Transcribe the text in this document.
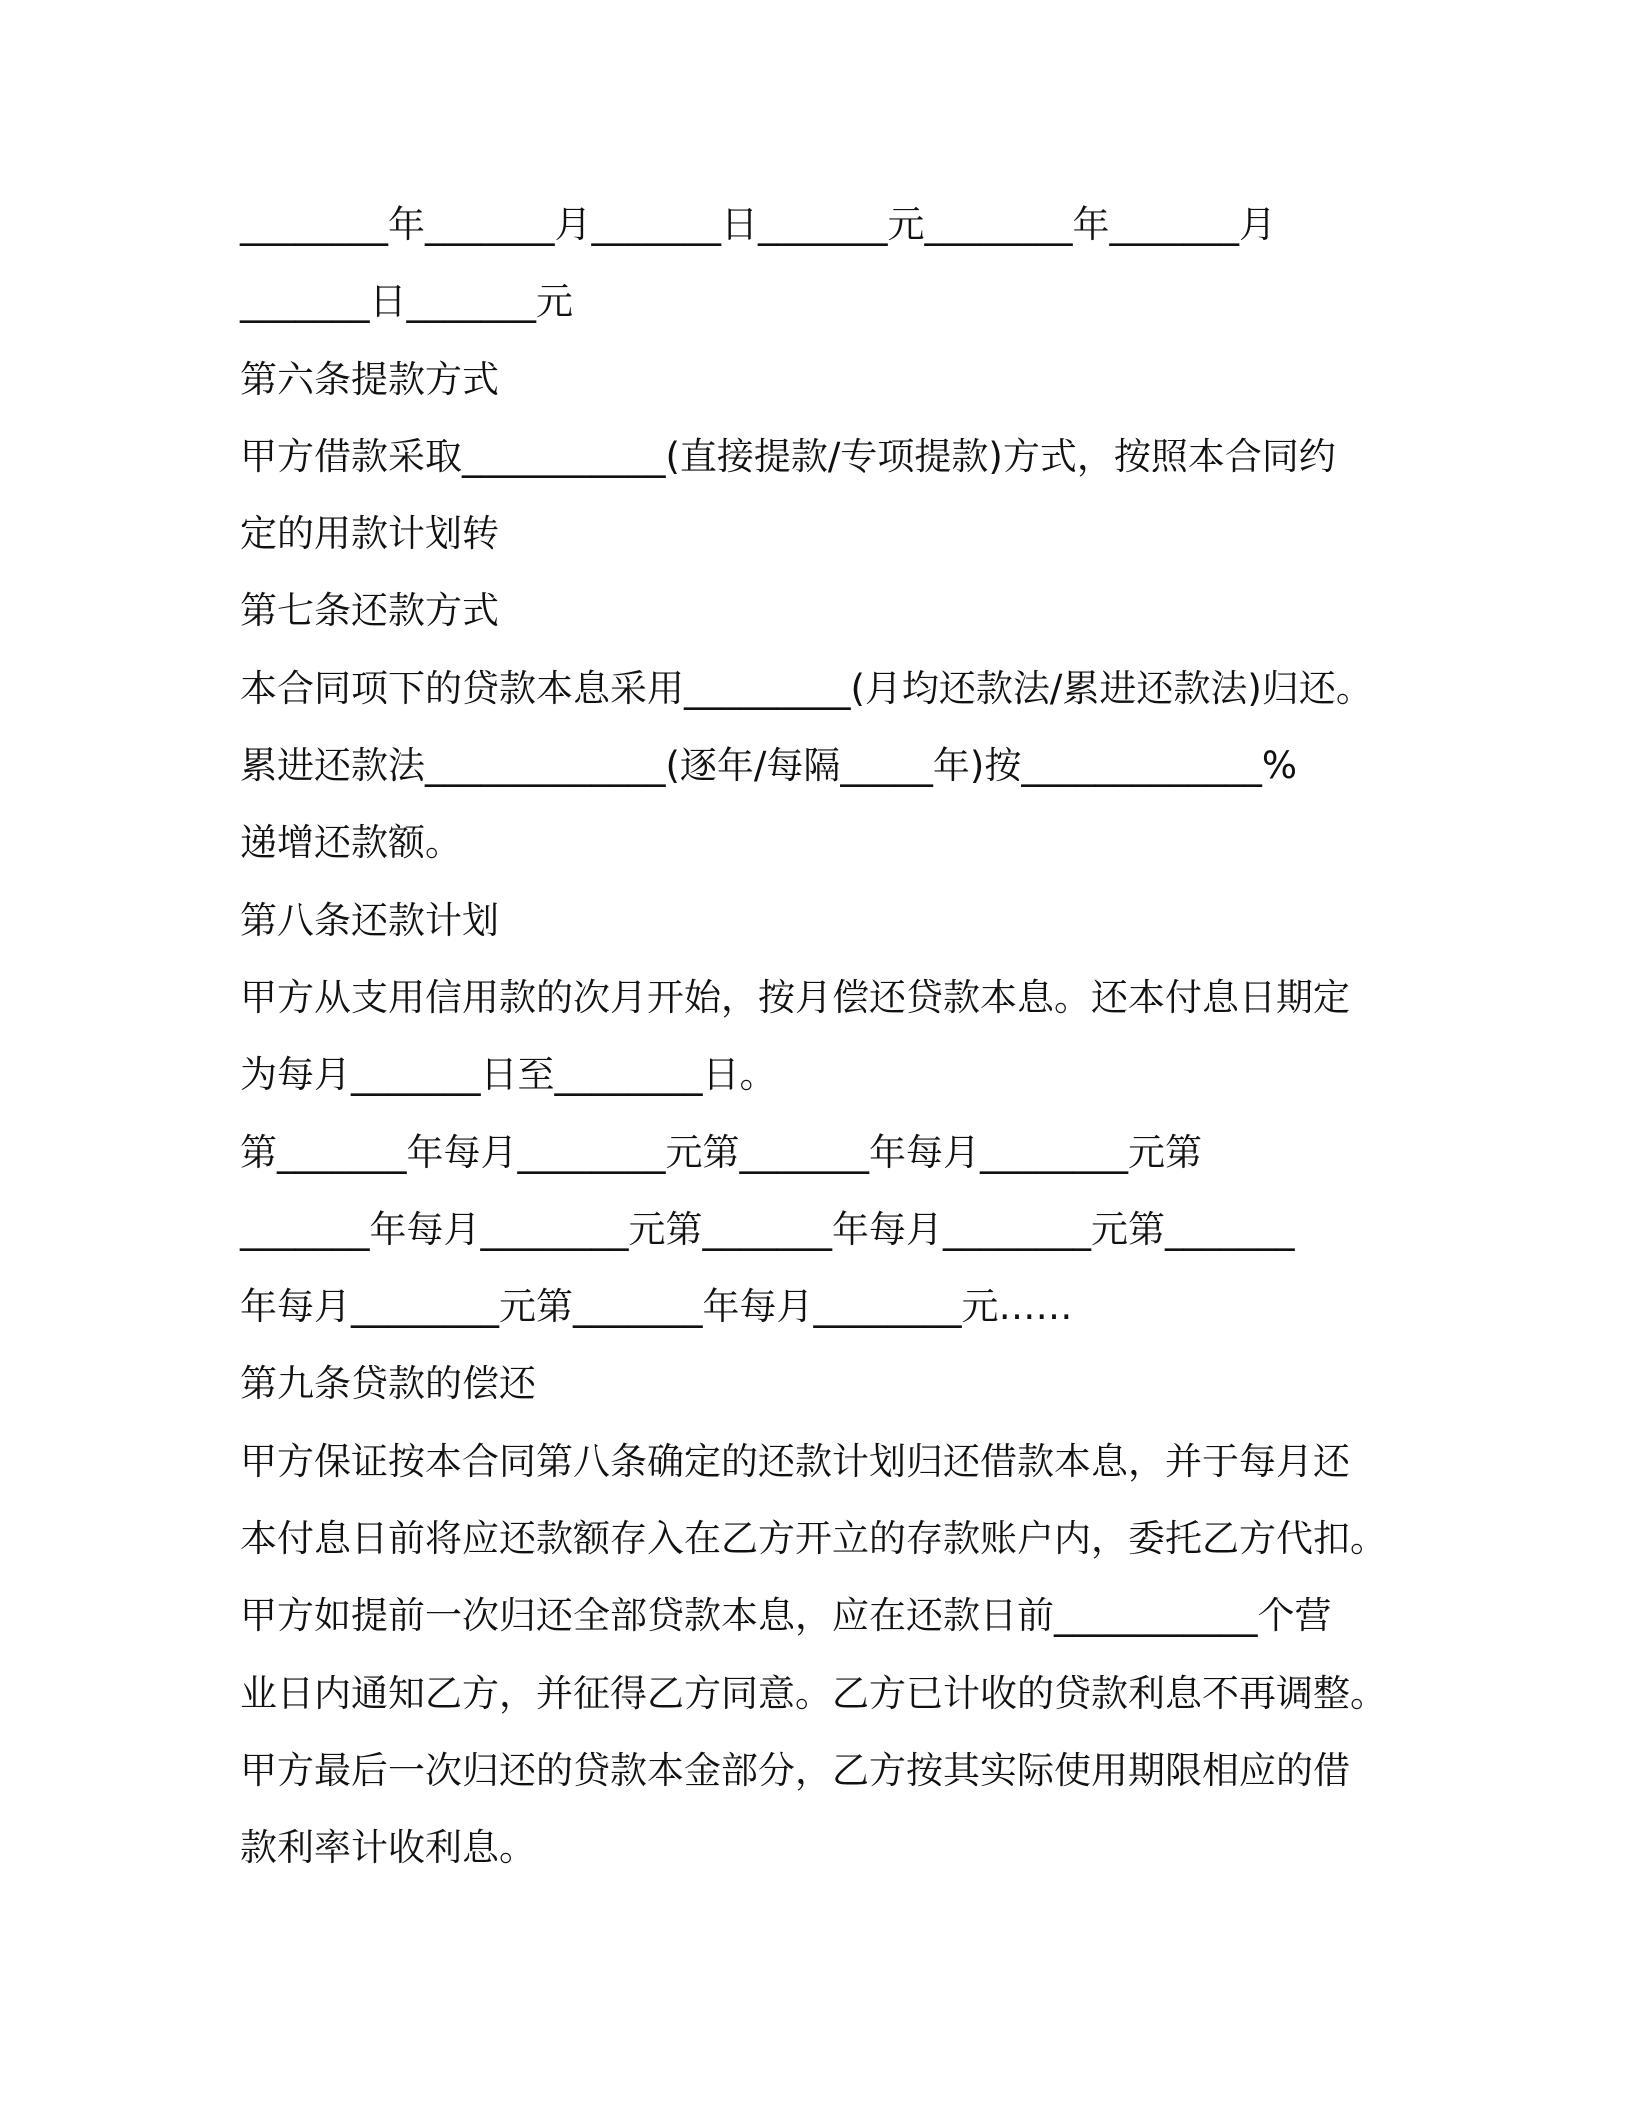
________年_______月_______日_______元________年_______月
_______日_______元
第六条提款方式
甲方借款采取___________(直接提款/专项提款)方式，按照本合同约
定的用款计划转
第七条还款方式
本合同项下的贷款本息采用_________(月均还款法/累进还款法)归还。
累进还款法_____________(逐年/每隔_____年)按_____________%
递增还款额。
第八条还款计划
甲方从支用信用款的次月开始，按月偿还贷款本息。还本付息日期定
为每月_______日至________日。
第_______年每月________元第_______年每月________元第
_______年每月________元第_______年每月________元第_______
年每月________元第_______年每月________元……
第九条贷款的偿还
甲方保证按本合同第八条确定的还款计划归还借款本息，并于每月还
本付息日前将应还款额存入在乙方开立的存款账户内，委托乙方代扣。
甲方如提前一次归还全部贷款本息，应在还款日前___________个营
业日内通知乙方，并征得乙方同意。乙方已计收的贷款利息不再调整。
甲方最后一次归还的贷款本金部分，乙方按其实际使用期限相应的借
款利率计收利息。
